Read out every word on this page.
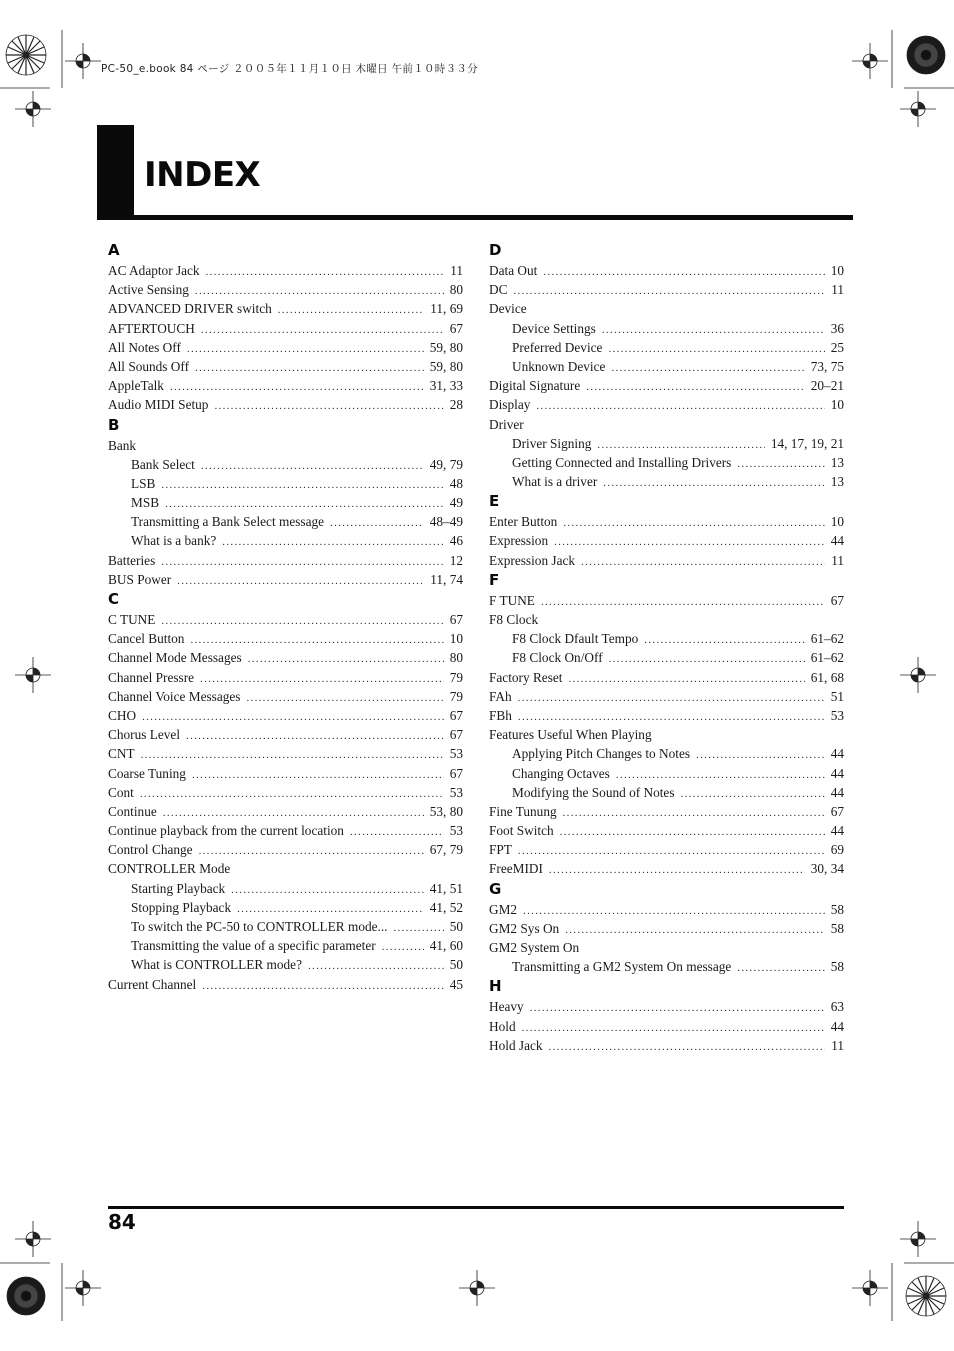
PC-50_e.book 84 ページ ２００５年１１月１０日 木曜日 午前１０時３３分
INDEX
A
AC Adaptor Jack .....	11
Active Sensing .....	80
ADVANCED DRIVER switch .....	11, 69
AFTERTOUCH .....	67
All Notes Off .....	59, 80
All Sounds Off .....	59, 80
AppleTalk .....	31, 33
Audio MIDI Setup .....	28
B
Bank
Bank Select .....	49, 79
LSB .....	48
MSB .....	49
Transmitting a Bank Select message .....	48–49
What is a bank? .....	46
Batteries .....	12
BUS Power .....	11, 74
C
C TUNE .....	67
Cancel Button .....	10
Channel Mode Messages .....	80
Channel Pressre .....	79
Channel Voice Messages .....	79
CHO .....	67
Chorus Level .....	67
CNT .....	53
Coarse Tuning .....	67
Cont .....	53
Continue .....	53, 80
Continue playback from the current location .....	53
Control Change .....	67, 79
CONTROLLER Mode
Starting Playback .....	41, 51
Stopping Playback .....	41, 52
To switch the PC-50 to CONTROLLER mode... .....	50
Transmitting the value of a specific parameter .....	41, 60
What is CONTROLLER mode? .....	50
Current Channel .....	45
D
Data Out .....	10
DC .....	11
Device
Device Settings .....	36
Preferred Device .....	25
Unknown Device .....	73, 75
Digital Signature .....	20–21
Display .....	10
Driver
Driver Signing .....	14, 17, 19, 21
Getting Connected and Installing Drivers .....	13
What is a driver .....	13
E
Enter Button .....	10
Expression .....	44
Expression Jack .....	11
F
F TUNE .....	67
F8 Clock
F8 Clock Dfault Tempo .....	61–62
F8 Clock On/Off .....	61–62
Factory Reset .....	61, 68
FAh .....	51
FBh .....	53
Features Useful When Playing
Applying Pitch Changes to Notes .....	44
Changing Octaves .....	44
Modifying the Sound of Notes .....	44
Fine Tunung .....	67
Foot Switch .....	44
FPT .....	69
FreeMIDI .....	30, 34
G
GM2 .....	58
GM2 Sys On .....	58
GM2 System On
Transmitting a GM2 System On message .....	58
H
Heavy .....	63
Hold .....	44
Hold Jack .....	11
84
